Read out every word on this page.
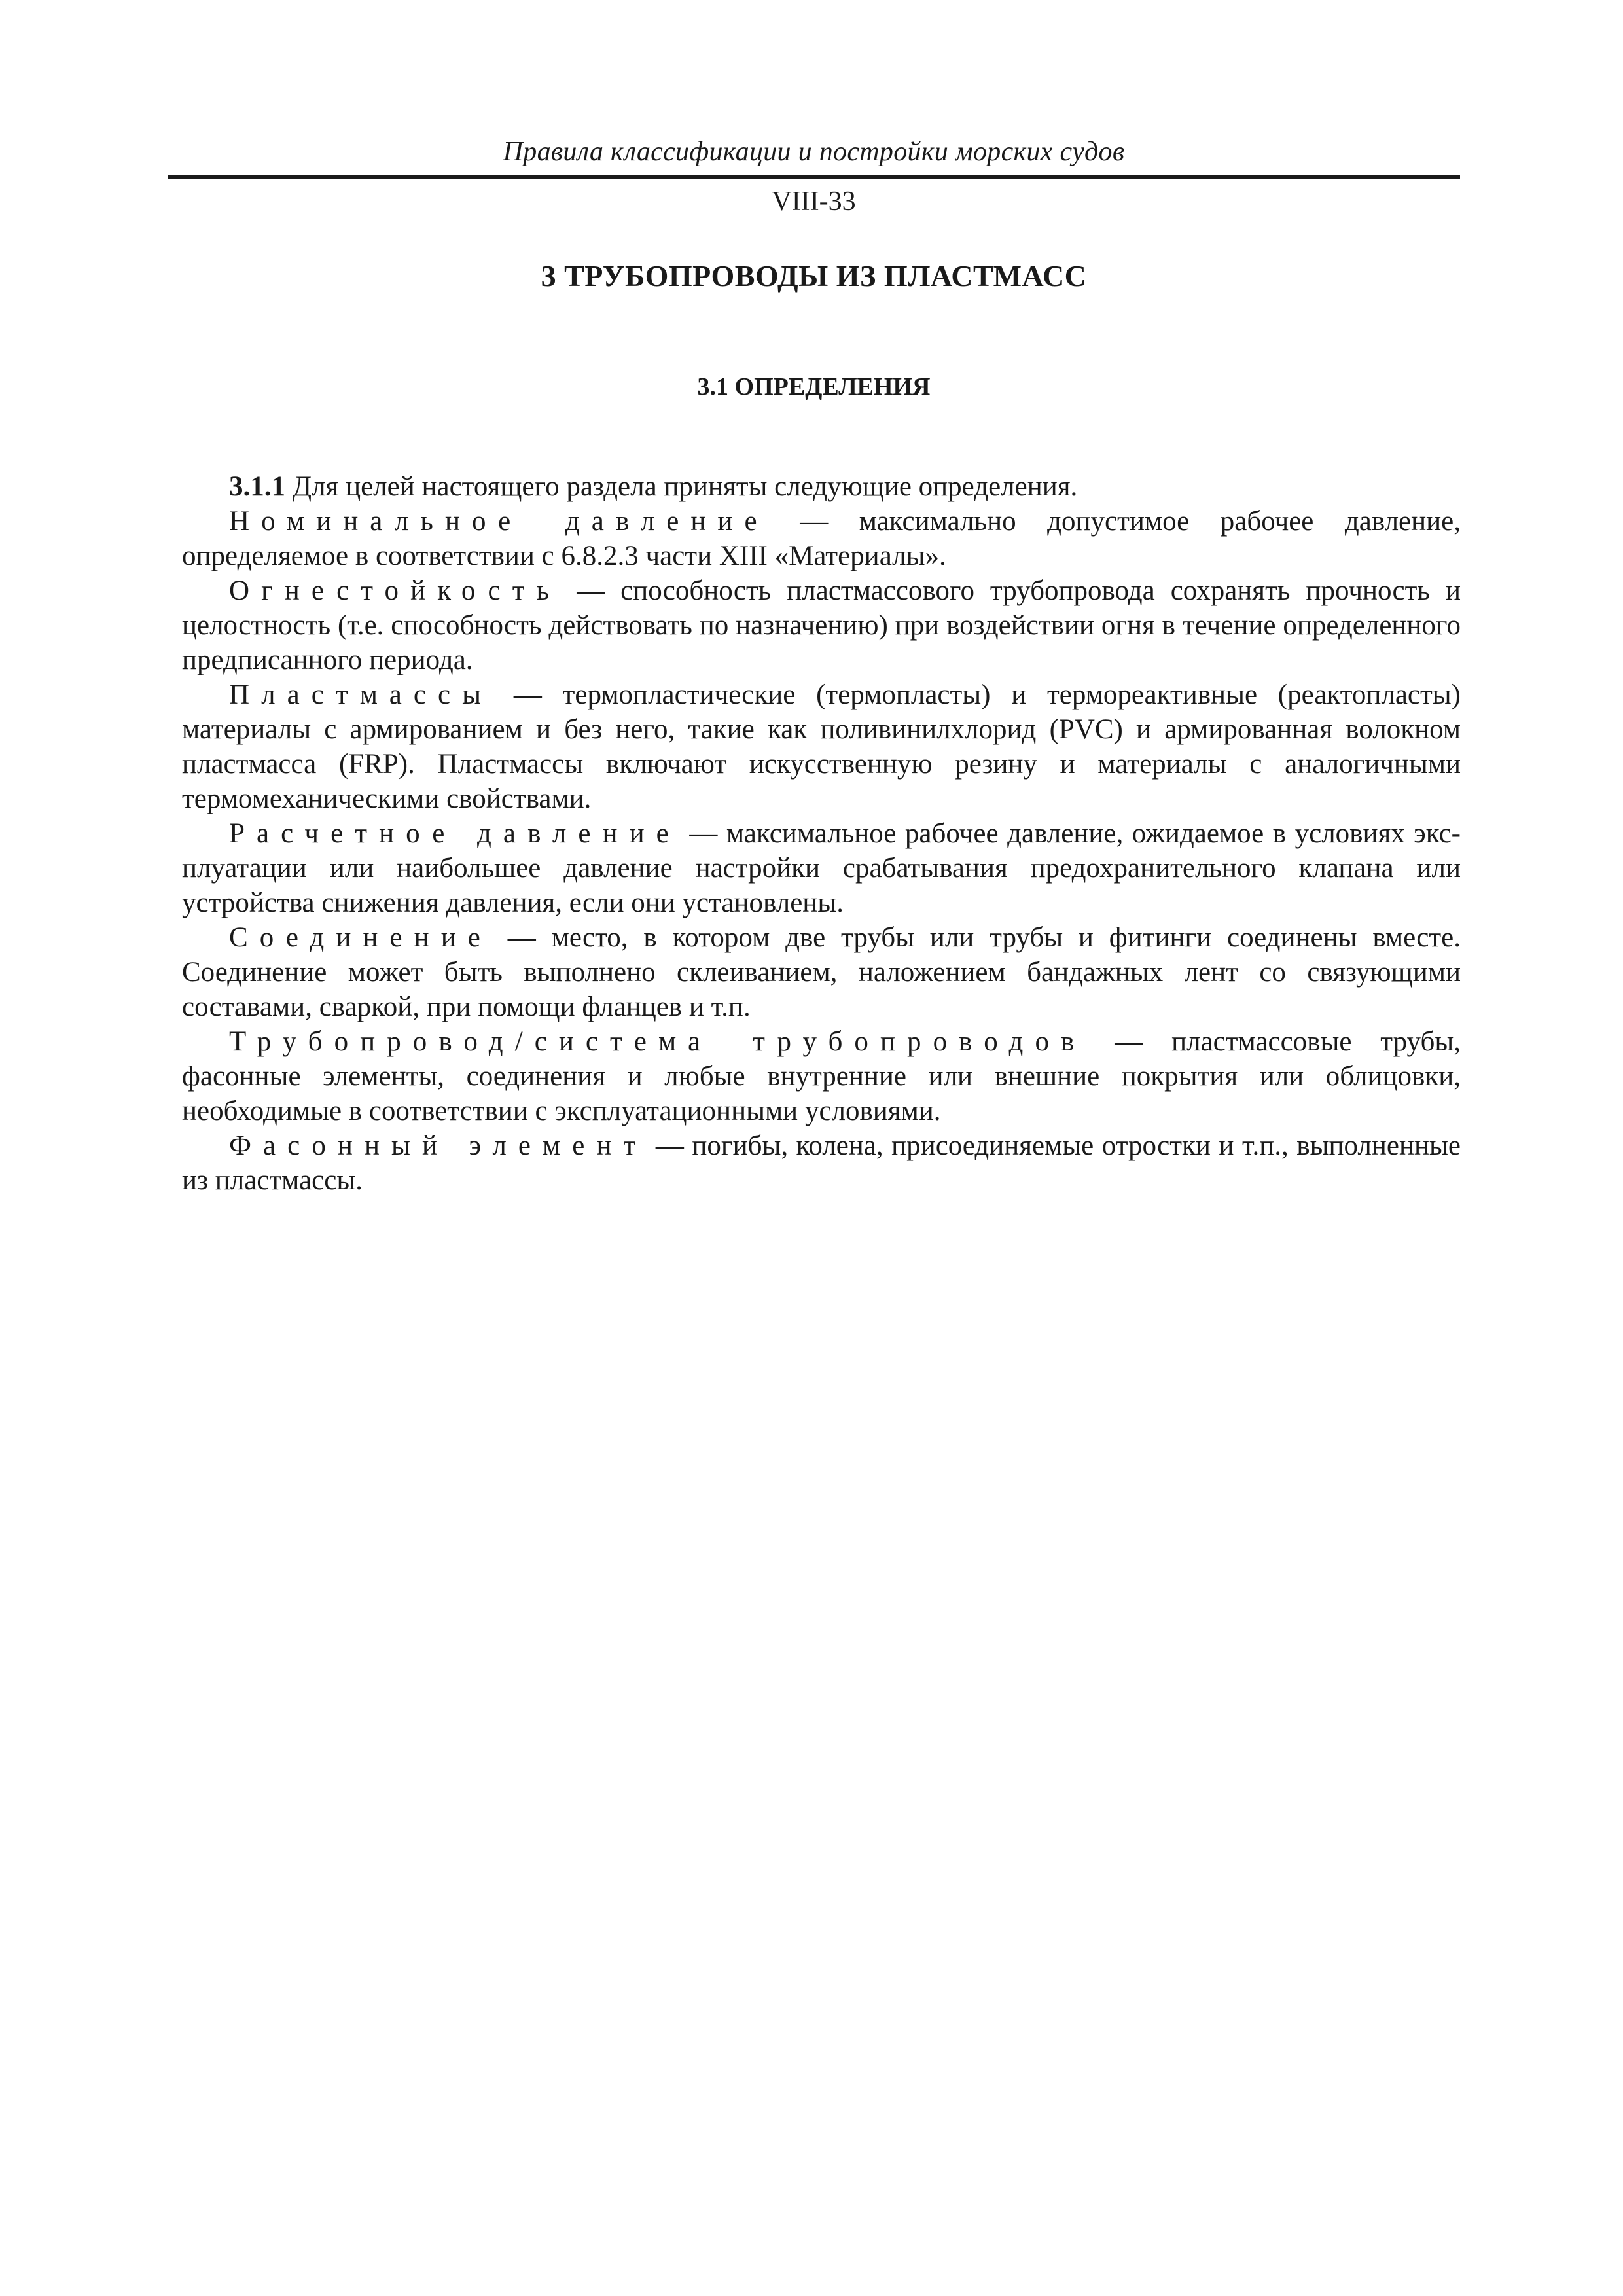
Правила классификации и постройки морских судов
VIII-33
3 ТРУБОПРОВОДЫ ИЗ ПЛАСТМАСС
3.1 ОПРЕДЕЛЕНИЯ

3.1.1 Для целей настоящего раздела приняты следующие определения.

Номинальное давление — максимально допустимое рабочее давление, определяемое в соответствии с 6.8.2.3 части XIII «Материалы».

Огнестойкость — способность пластмассового трубопровода сохранять прочность и целостность (т.е. способность действовать по назначению) при воздействии огня в течение определенного предписанного периода.

Пластмассы — термопластические (термопласты) и термореактивные (реактопласты) материалы с армированием и без него, такие как поливинилхлорид (PVC) и армированная волокном пластмасса (FRP). Пластмассы включают искусственную резину и материалы с аналогичными термомеханическими свойствами.

Расчетное давление — максимальное рабочее давление, ожидаемое в условиях эксплуатации или наибольшее давление настройки срабатывания предохранительного клапана или устройства снижения давления, если они установлены.

Соединение — место, в котором две трубы или трубы и фитинги соединены вместе. Соединение может быть выполнено склеиванием, наложением бандажных лент со связующими составами, сваркой, при помощи фланцев и т.п.

Трубопровод/система трубопроводов — пластмассовые трубы, фасонные элементы, соединения и любые внутренние или внешние покрытия или облицовки, необходимые в соответствии с эксплуатационными условиями.

Фасонный элемент — погибы, колена, присоединяемые отростки и т.п., выполненные из пластмассы.
